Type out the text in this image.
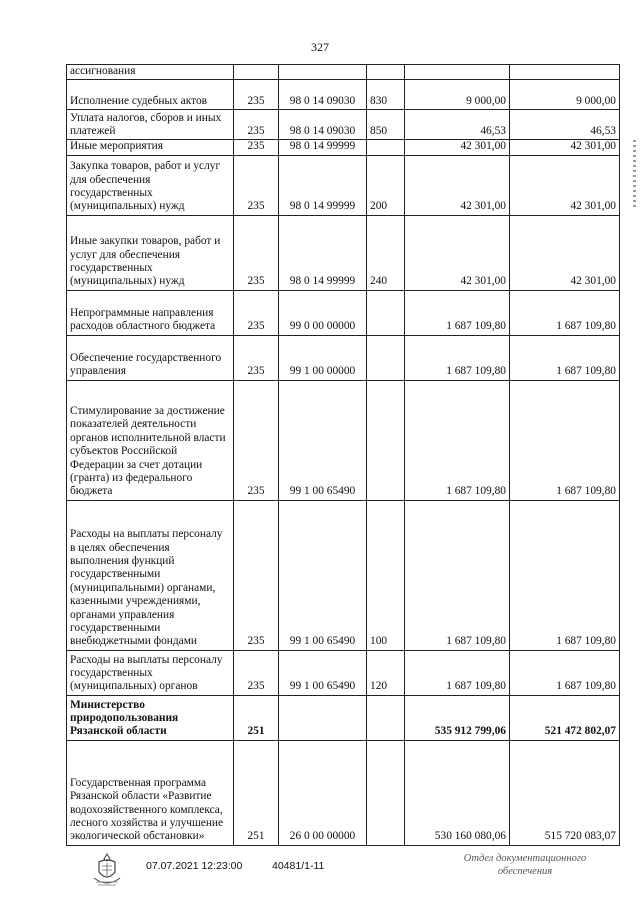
327
ассигнования					
Исполнение судебных актов	235	98 0 14 09030	830	9 000,00	9 000,00
Уплата налогов, сборов и иных платежей	235	98 0 14 09030	850	46,53	46,53
Иные мероприятия	235	98 0 14 99999		42 301,00	42 301,00
Закупка товаров, работ и услуг для обеспечения государственных (муниципальных) нужд	235	98 0 14 99999	200	42 301,00	42 301,00
Иные закупки товаров, работ и услуг для обеспечения государственных (муниципальных) нужд	235	98 0 14 99999	240	42 301,00	42 301,00
Непрограммные направления расходов областного бюджета	235	99 0 00 00000		1 687 109,80	1 687 109,80
Обеспечение государственного управления	235	99 1 00 00000		1 687 109,80	1 687 109,80
Стимулирование за достижение показателей деятельности органов исполнительной власти субъектов Российской Федерации за счет дотации (гранта) из федерального бюджета	235	99 1 00 65490		1 687 109,80	1 687 109,80
Расходы на выплаты персоналу в целях обеспечения выполнения функций государственными (муниципальными) органами, казенными учреждениями, органами управления государственными внебюджетными фондами	235	99 1 00 65490	100	1 687 109,80	1 687 109,80
Расходы на выплаты персоналу государственных (муниципальных) органов	235	99 1 00 65490	120	1 687 109,80	1 687 109,80
Министерство природопользования Рязанской области	251			535 912 799,06	521 472 802,07
Государственная программа Рязанской области «Развитие водохозяйственного комплекса, лесного хозяйства и улучшение экологической обстановки»	251	26 0 00 00000		530 160 080,06	515 720 083,07
07.07.2021 12:23:00	40481/1-11
Отдел документационного
обеспечения
